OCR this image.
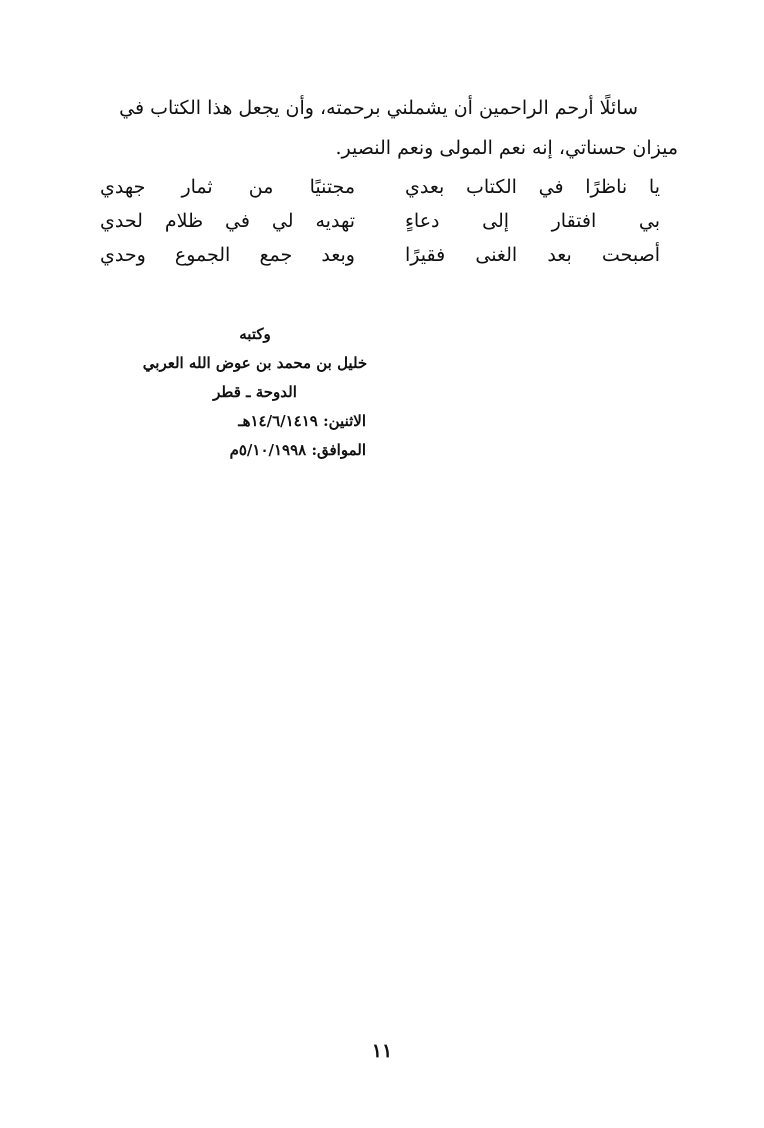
سائلًا أرحم الراحمين أن يشملني برحمته، وأن يجعل هذا الكتاب في

ميزان حسناتي، إنه نعم المولى ونعم النصير.

يا ناظرًا في الكتاب بعدي
مجتنيًا من ثمار جهدي
بي افتقار إلى دعاءٍ
تهديه لي في ظلام لحدي
أصبحت بعد الغنى فقيرًا
وبعد جمع الجموع وحدي
وكتبه
خليل بن محمد بن عوض الله العربي
الدوحة ـ قطر
الاثنين: ١٤/٦/١٤١٩هـ
الموافق: ٥/١٠/١٩٩٨م
١١
